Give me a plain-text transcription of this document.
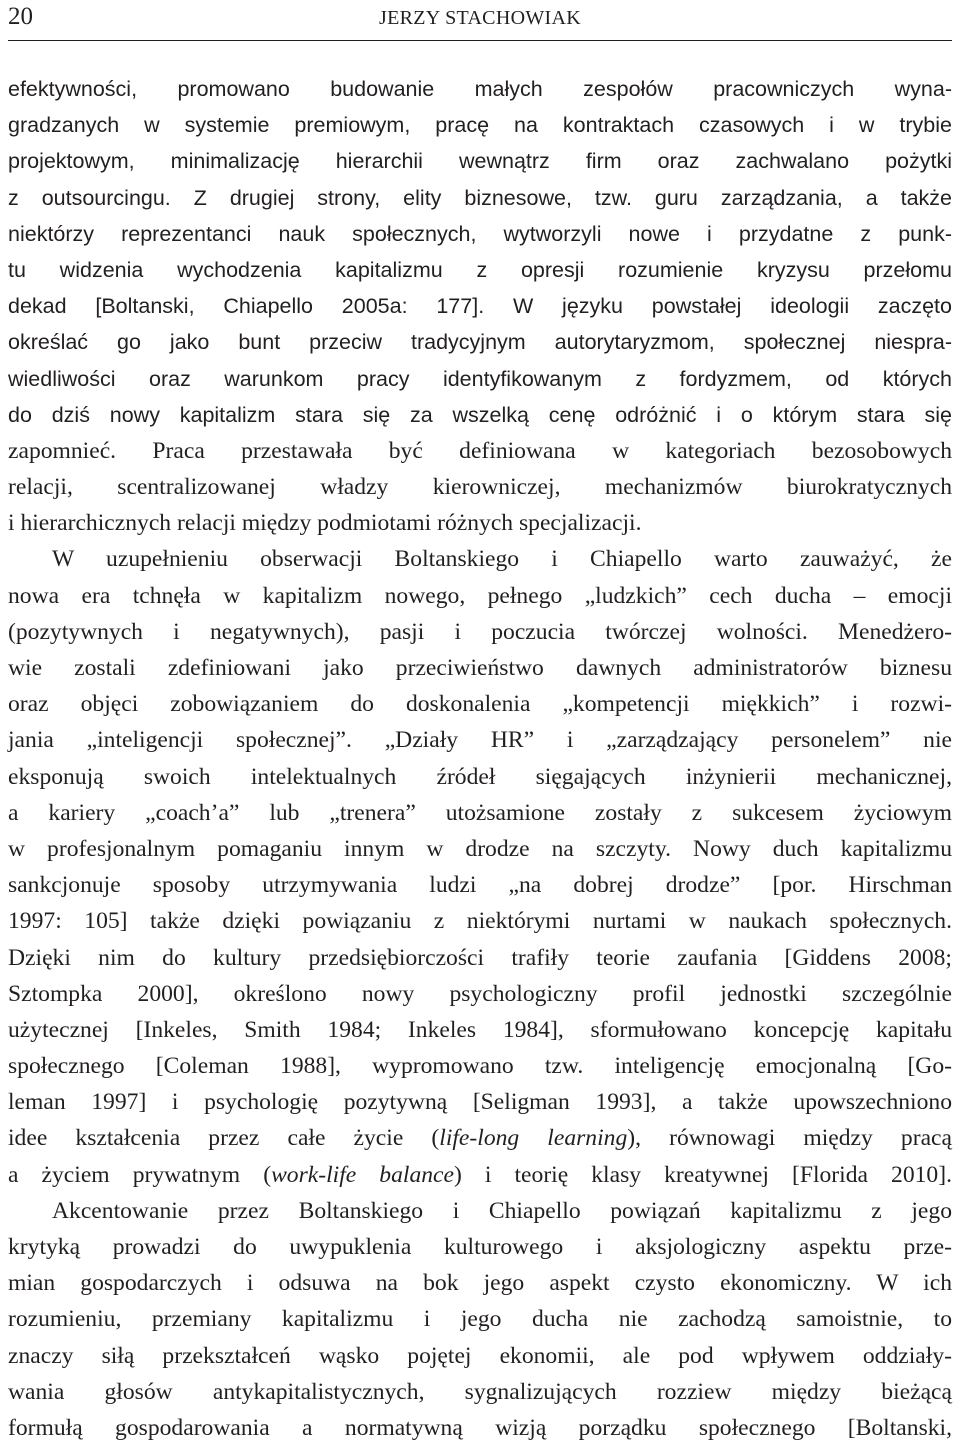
20	JERZY STACHOWIAK
efektywności, promowano budowanie małych zespołów pracowniczych wyna-
gradzanych w systemie premiowym, pracę na kontraktach czasowych i w trybie
projektowym, minimalizację hierarchii wewnątrz firm oraz zachwalano pożytki
z outsourcingu. Z drugiej strony, elity biznesowe, tzw. guru zarządzania, a także
niektórzy reprezentanci nauk społecznych, wytworzyli nowe i przydatne z punk-
tu widzenia wychodzenia kapitalizmu z opresji rozumienie kryzysu przełomu
dekad [Boltanski, Chiapello 2005a: 177]. W języku powstałej ideologii zaczęto
określać go jako bunt przeciw tradycyjnym autorytaryzmom, społecznej niespra-
wiedliwości oraz warunkom pracy identyfikowanym z fordyzmem, od których
do dziś nowy kapitalizm stara się za wszelką cenę odróżnić i o którym stara się
zapomnieć. Praca przestawała być definiowana w kategoriach bezosobowych
relacji, scentralizowanej władzy kierowniczej, mechanizmów biurokratycznych
i hierarchicznych relacji między podmiotami różnych specjalizacji.
W uzupełnieniu obserwacji Boltanskiego i Chiapello warto zauważyć, że
nowa era tchnęła w kapitalizm nowego, pełnego „ludzkich” cech ducha – emocji
(pozytywnych i negatywnych), pasji i poczucia twórczej wolności. Menedżero-
wie zostali zdefiniowani jako przeciwieństwo dawnych administratorów biznesu
oraz objęci zobowiązaniem do doskonalenia „kompetencji miękkich” i rozwi-
jania „inteligencji społecznej”. „Działy HR” i „zarządzający personelem” nie
eksponują swoich intelektualnych źródeł sięgających inżynierii mechanicznej,
a kariery „coach’a” lub „trenera” utożsamione zostały z sukcesem życiowym
w profesjonalnym pomaganiu innym w drodze na szczyty. Nowy duch kapitalizmu
sankcjonuje sposoby utrzymywania ludzi „na dobrej drodze” [por. Hirschman
1997: 105] także dzięki powiązaniu z niektórymi nurtami w naukach społecznych.
Dzięki nim do kultury przedsiębiorczości trafiły teorie zaufania [Giddens 2008;
Sztompka 2000], określono nowy psychologiczny profil jednostki szczególnie
użytecznej [Inkeles, Smith 1984; Inkeles 1984], sformułowano koncepcję kapitału
społecznego [Coleman 1988], wypromowano tzw. inteligencję emocjonalną [Go-
leman 1997] i psychologię pozytywną [Seligman 1993], a także upowszechniono
idee kształcenia przez całe życie (life-long learning), równowagi między pracą
a życiem prywatnym (work-life balance) i teorię klasy kreatywnej [Florida 2010].
Akcentowanie przez Boltanskiego i Chiapello powiązań kapitalizmu z jego
krytyką prowadzi do uwypuklenia kulturowego i aksjologiczny aspektu prze-
mian gospodarczych i odsuwa na bok jego aspekt czysto ekonomiczny. W ich
rozumieniu, przemiany kapitalizmu i jego ducha nie zachodzą samoistnie, to
znaczy siłą przekształceń wąsko pojętej ekonomii, ale pod wpływem oddziały-
wania głosów antykapitalistycznych, sygnalizujących rozziew między bieżącą
formułą gospodarowania a normatywną wizją porządku społecznego [Boltanski,
